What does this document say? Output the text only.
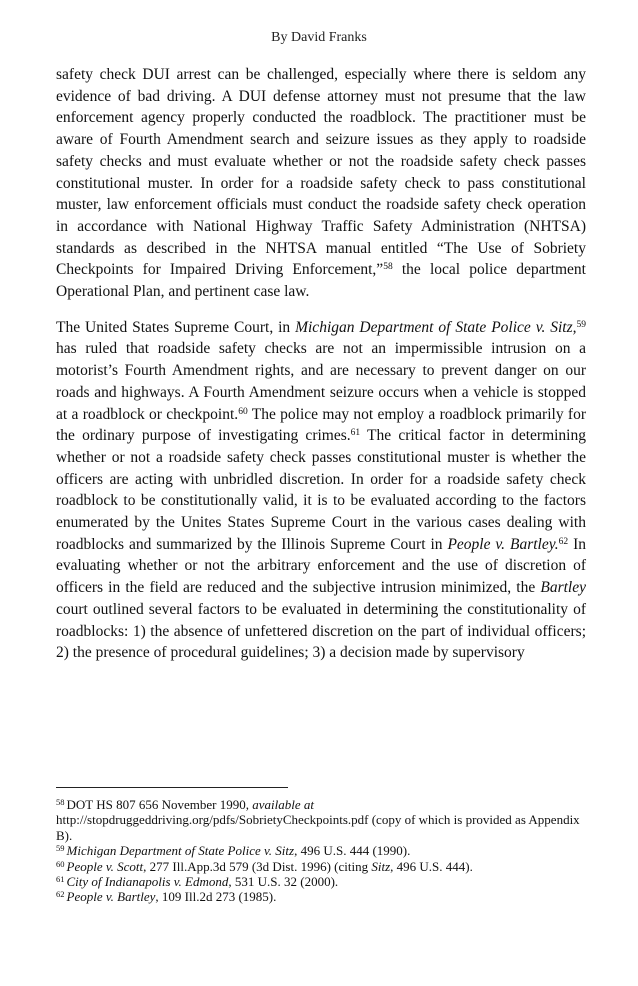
By David Franks

safety check DUI arrest can be challenged, especially where there is seldom any evidence of bad driving. A DUI defense attorney must not presume that the law enforcement agency properly conducted the roadblock. The practitioner must be aware of Fourth Amendment search and seizure issues as they apply to roadside safety checks and must evaluate whether or not the roadside safety check passes constitutional muster. In order for a roadside safety check to pass constitutional muster, law enforcement officials must conduct the roadside safety check operation in accordance with National Highway Traffic Safety Administration (NHTSA) standards as described in the NHTSA manual entitled “The Use of Sobriety Checkpoints for Impaired Driving Enforcement,”$^{58}$ the local police department Operational Plan, and pertinent case law.

The United States Supreme Court, in Michigan Department of State Police v. Sitz,$^{59}$ has ruled that roadside safety checks are not an impermissible intrusion on a motorist’s Fourth Amendment rights, and are necessary to prevent danger on our roads and highways. A Fourth Amendment seizure occurs when a vehicle is stopped at a roadblock or checkpoint.$^{60}$ The police may not employ a roadblock primarily for the ordinary purpose of investigating crimes.$^{61}$ The critical factor in determining whether or not a roadside safety check passes constitutional muster is whether the officers are acting with unbridled discretion. In order for a roadside safety check roadblock to be constitutionally valid, it is to be evaluated according to the factors enumerated by the Unites States Supreme Court in the various cases dealing with roadblocks and summarized by the Illinois Supreme Court in People v. Bartley.$^{62}$ In evaluating whether or not the arbitrary enforcement and the use of discretion of officers in the field are reduced and the subjective intrusion minimized, the Bartley court outlined several factors to be evaluated in determining the constitutionality of roadblocks: 1) the absence of unfettered discretion on the part of individual officers; 2) the presence of procedural guidelines; 3) a decision made by supervisory

$^{58}$ DOT HS 807 656 November 1990, available at http://stopdruggeddriving.org/pdfs/SobrietyCheckpoints.pdf (copy of which is provided as Appendix B).

$^{59}$ Michigan Department of State Police v. Sitz, 496 U.S. 444 (1990).

$^{60}$ People v. Scott, 277 Ill.App.3d 579 (3d Dist. 1996) (citing Sitz, 496 U.S. 444).

$^{61}$ City of Indianapolis v. Edmond, 531 U.S. 32 (2000).

$^{62}$ People v. Bartley, 109 Ill.2d 273 (1985).
